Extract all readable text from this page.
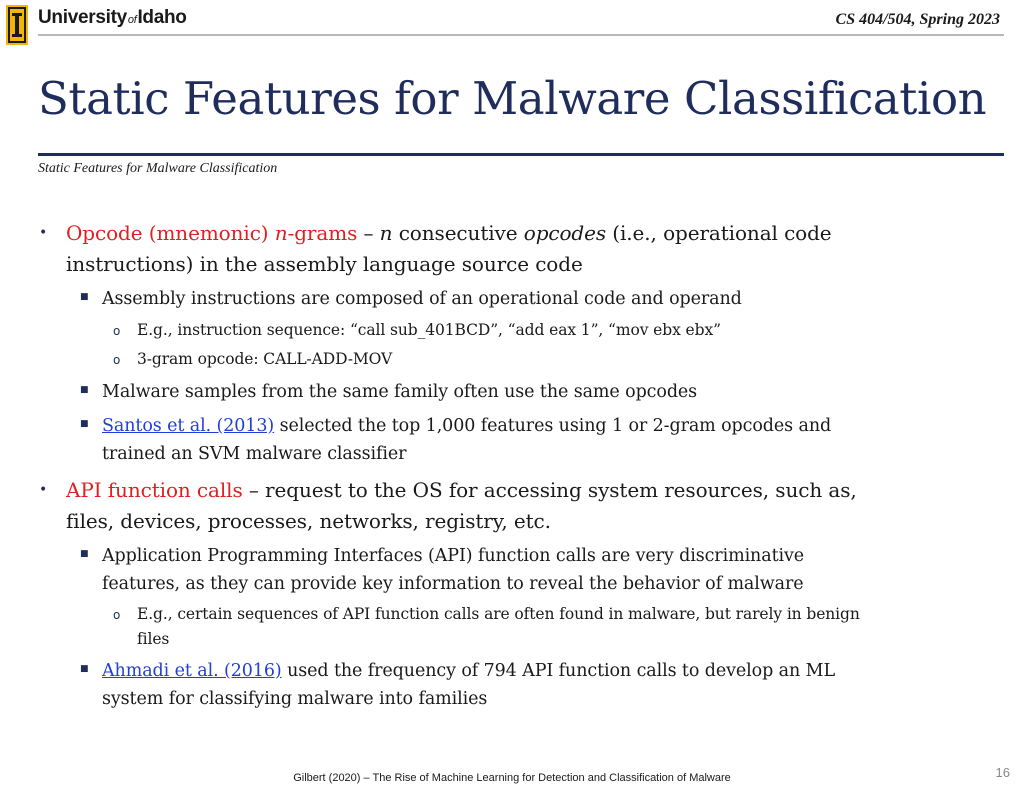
UniversityofIdaho	CS 404/504, Spring 2023
Static Features for Malware Classification
Static Features for Malware Classification
• Opcode (mnemonic) n-grams – n consecutive opcodes (i.e., operational code
instructions) in the assembly language source code
■ Assembly instructions are composed of an operational code and operand
o E.g., instruction sequence: “call sub_401BCD”, “add eax 1”, “mov ebx ebx”
o 3-gram opcode: CALL-ADD-MOV
■ Malware samples from the same family often use the same opcodes
■ Santos et al. (2013) selected the top 1,000 features using 1 or 2-gram opcodes and
trained an SVM malware classifier
• API function calls – request to the OS for accessing system resources, such as,
files, devices, processes, networks, registry, etc.
■ Application Programming Interfaces (API) function calls are very discriminative
features, as they can provide key information to reveal the behavior of malware
o E.g., certain sequences of API function calls are often found in malware, but rarely in benign
files
■ Ahmadi et al. (2016) used the frequency of 794 API function calls to develop an ML
system for classifying malware into families
Gilbert (2020) – The Rise of Machine Learning for Detection and Classification of Malware	16
